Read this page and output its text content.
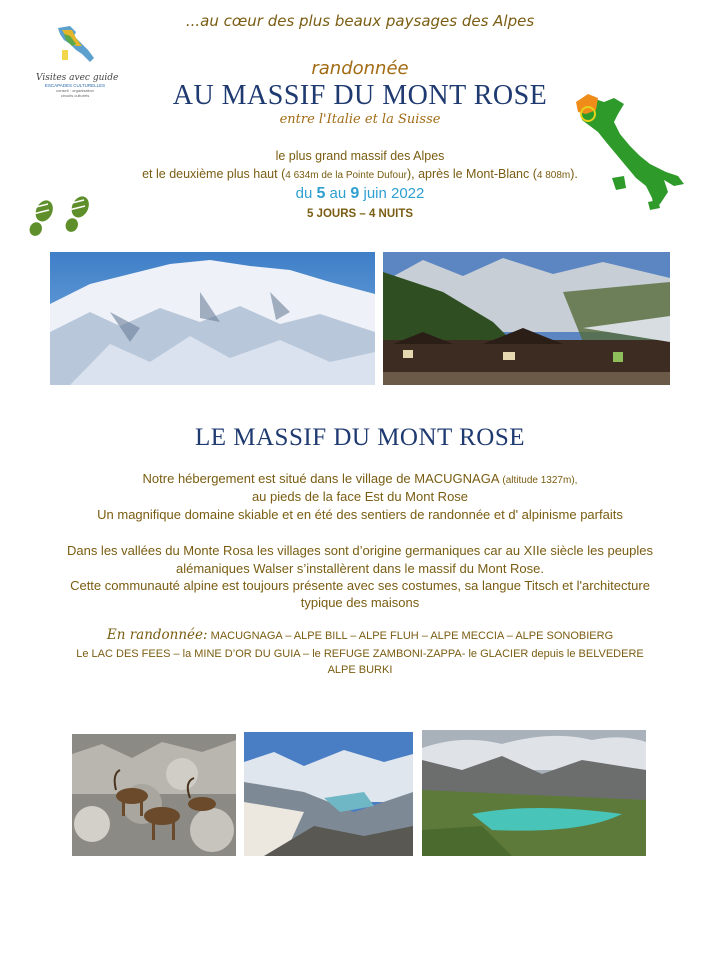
Visites avec guide
ESCAPADES CULTURELLES
conseil · organisation
circuits culturels
...au cœur des plus beaux paysages des Alpes
randonnée
AU MASSIF DU MONT ROSE
entre l'Italie et la Suisse
le plus grand massif des Alpes
et le deuxième plus haut (4 634m de la Pointe Dufour), après le Mont-Blanc (4 808m).
du 5 au 9 juin 2022
5 JOURS – 4 NUITS
LE MASSIF DU MONT ROSE
Notre hébergement est situé dans le village de MACUGNAGA (altitude 1327m),
au pieds de la face Est du Mont Rose
Un magnifique domaine skiable et en été des sentiers de randonnée et d' alpinisme parfaits
Dans les vallées du Monte Rosa les villages sont d’origine germaniques car au XIIe siècle les peuples
alémaniques Walser s’installèrent dans le massif du Mont Rose.
Cette communauté alpine est toujours présente avec ses costumes, sa langue Titsch et l'architecture
typique des maisons
En randonnée: MACUGNAGA – ALPE BILL – ALPE FLUH – ALPE MECCIA – ALPE SONOBIERG
Le LAC DES FEES – la MINE D’OR DU GUIA – le REFUGE ZAMBONI-ZAPPA- le GLACIER depuis le BELVEDERE
ALPE BURKI
